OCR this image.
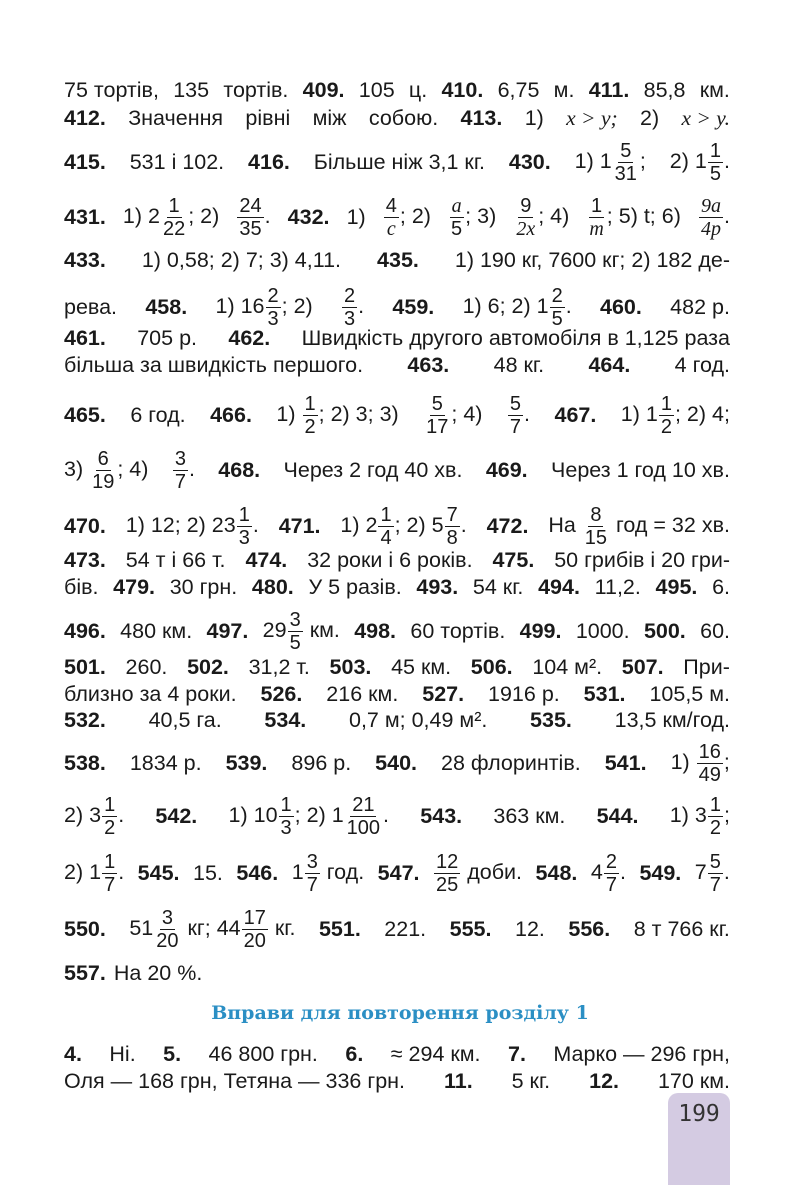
75 тортів, 135 тортів. 409. 105 ц. 410. 6,75 м. 411. 85,8 км.
412. Значення рівні між собою. 413. 1) x > y; 2) x > y.
415. 531 і 102. 416. Більше ніж 3,1 кг. 430. 1) $1 \frac{5}{31}$ ; 2) $1 \frac{1}{5}$ .
431. 1) $2 \frac{1}{22}$ ; $2) \frac{24}{35}$ . 432. $1) \frac{4}{c}$ ; $2) \frac{a}{5}$ ; $3) \frac{9}{2x}$ ; $4) \frac{1}{m}$ ; 5) t; $6) \frac{9a}{4p}$ .
433. 1) 0,58; 2) 7; 3) 4,11. 435. 1) 190 кг, 7600 кг; 2) 182 де-
рева. 458. 1) $16 \frac{2}{3}$ ; $2) \frac{2}{3}$ . 459. 1) 6; 2) $1 \frac{2}{5}$ . 460. 482 р.
461. 705 р. 462. Швидкість другого автомобіля в 1,125 раза
більша за швидкість першого. 463. 48 кг. 464. 4 год.
465. 6 год. 466. $1) \frac{1}{2}$ ; 2) 3; $3) \frac{5}{17}$ ; $4) \frac{5}{7}$ . 467. 1) $1 \frac{1}{2}$ ; 2) 4;
$3) \frac{6}{19}$ ; $4) \frac{3}{7}$ . 468. Через 2 год 40 хв. 469. Через 1 год 10 хв.
470. 1) 12; 2) $23 \frac{1}{3}$ . 471. 1) $2 \frac{1}{4}$ ; 2) $5 \frac{7}{8}$ . 472. На $\frac{8}{15}$ год = 32 хв.
473. 54 т і 66 т. 474. 32 роки і 6 років. 475. 50 грибів і 20 гри-
бів. 479. 30 грн. 480. У 5 разів. 493. 54 кг. 494. 11,2. 495. 6.
496. 480 км. 497. $29 \frac{3}{5}$ км. 498. 60 тортів. 499. 1000. 500. 60.
501. 260. 502. 31,2 т. 503. 45 км. 506. 104 м². 507. При-
близно за 4 роки. 526. 216 км. 527. 1916 р. 531. 105,5 м.
532. 40,5 га. 534. 0,7 м; 0,49 м². 535. 13,5 км/год.
538. 1834 р. 539. 896 р. 540. 28 флоринтів. 541. $1) \frac{16}{49}$ ;
2) $3 \frac{1}{2}$ . 542. 1) $10 \frac{1}{3}$ ; 2) $1 \frac{21}{100}$ . 543. 363 км. 544. 1) $3 \frac{1}{2}$ ;
2) $1 \frac{1}{7}$ . 545. 15. 546. $1 \frac{3}{7}$ год. 547. $\frac{12}{25}$ доби. 548. $4 \frac{2}{7}$ . 549. $7 \frac{5}{7}$ .
550. $51 \frac{3}{20}$ кг; $44 \frac{17}{20}$ кг. 551. 221. 555. 12. 556. 8 т 766 кг.
557. На 20 %.
Вправи для повторення розділу 1
4. Ні. 5. 46 800 грн. 6. ≈ 294 км. 7. Марко — 296 грн,
Оля — 168 грн, Тетяна — 336 грн. 11. 5 кг. 12. 170 км.
199
